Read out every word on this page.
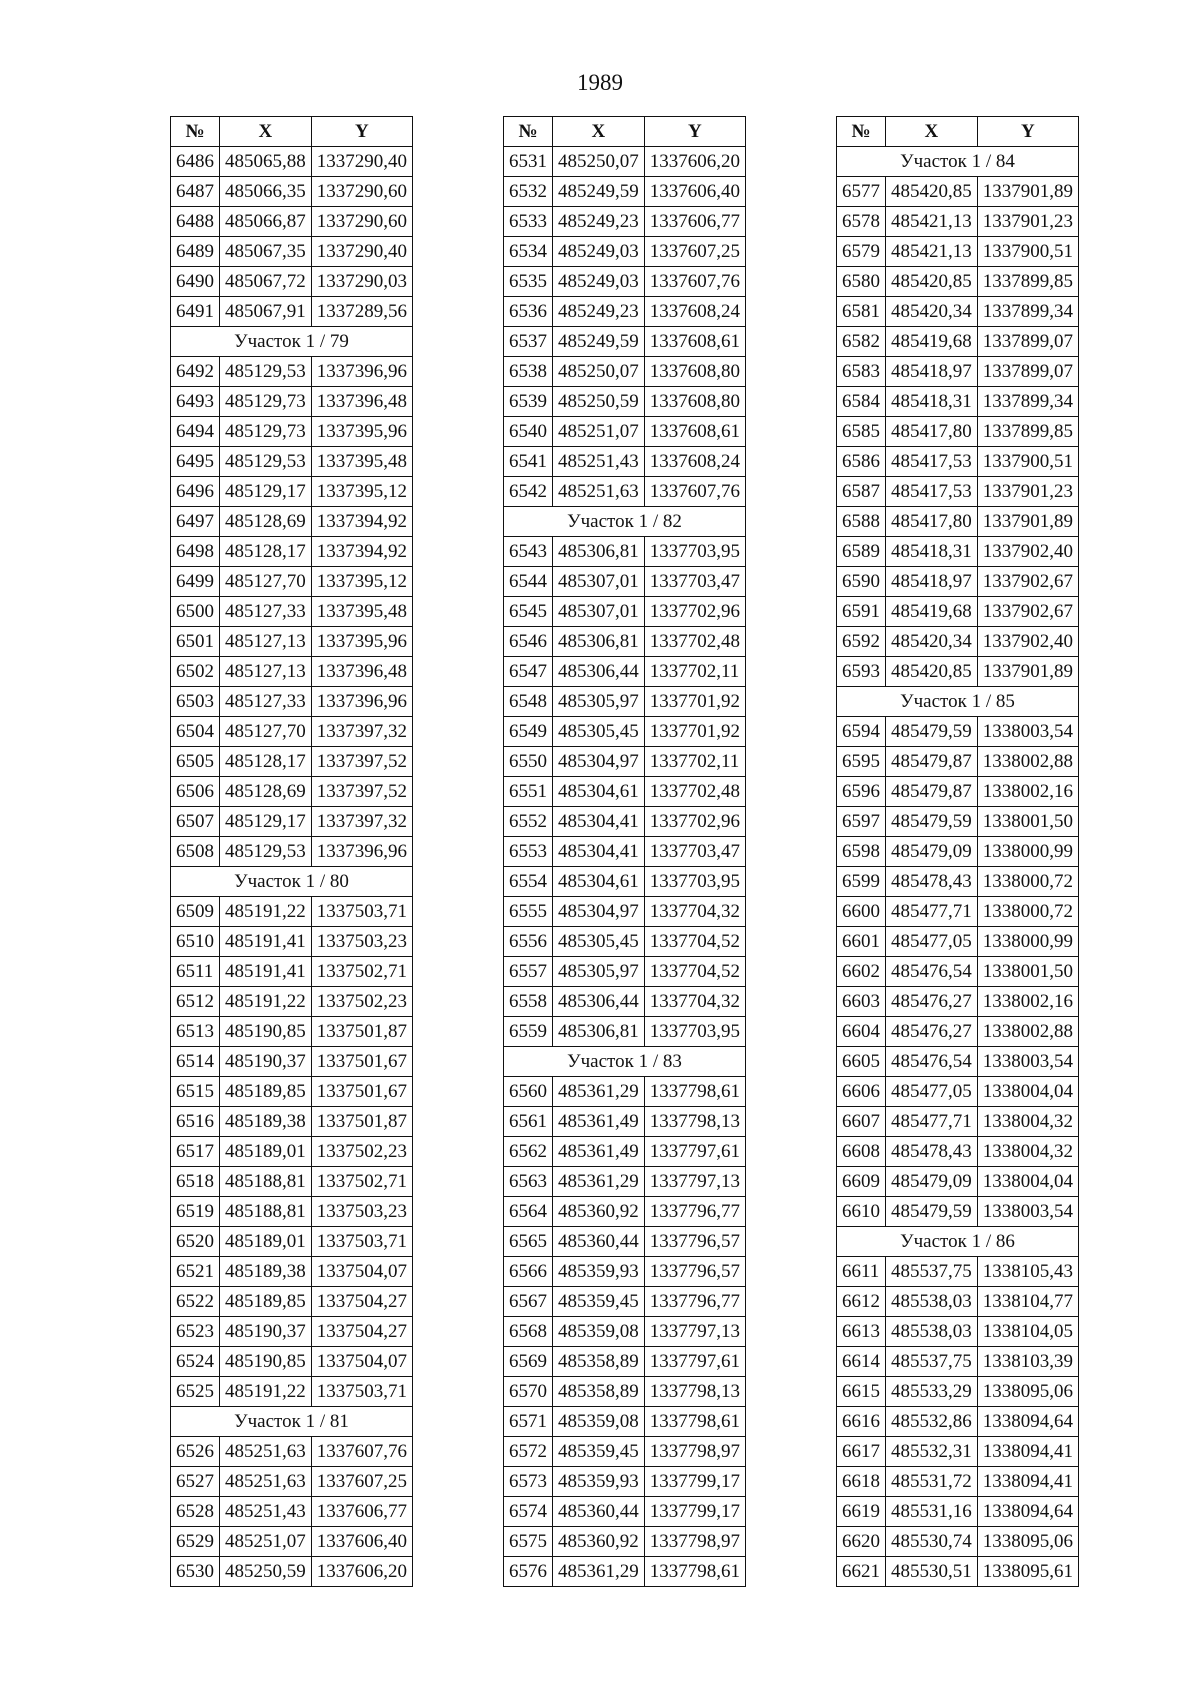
1989
№	X	Y
6486	485065,88	1337290,40
6487	485066,35	1337290,60
6488	485066,87	1337290,60
6489	485067,35	1337290,40
6490	485067,72	1337290,03
6491	485067,91	1337289,56
Участок 1 / 79		
6492	485129,53	1337396,96
6493	485129,73	1337396,48
6494	485129,73	1337395,96
6495	485129,53	1337395,48
6496	485129,17	1337395,12
6497	485128,69	1337394,92
6498	485128,17	1337394,92
6499	485127,70	1337395,12
6500	485127,33	1337395,48
6501	485127,13	1337395,96
6502	485127,13	1337396,48
6503	485127,33	1337396,96
6504	485127,70	1337397,32
6505	485128,17	1337397,52
6506	485128,69	1337397,52
6507	485129,17	1337397,32
6508	485129,53	1337396,96
Участок 1 / 80		
6509	485191,22	1337503,71
6510	485191,41	1337503,23
6511	485191,41	1337502,71
6512	485191,22	1337502,23
6513	485190,85	1337501,87
6514	485190,37	1337501,67
6515	485189,85	1337501,67
6516	485189,38	1337501,87
6517	485189,01	1337502,23
6518	485188,81	1337502,71
6519	485188,81	1337503,23
6520	485189,01	1337503,71
6521	485189,38	1337504,07
6522	485189,85	1337504,27
6523	485190,37	1337504,27
6524	485190,85	1337504,07
6525	485191,22	1337503,71
Участок 1 / 81		
6526	485251,63	1337607,76
6527	485251,63	1337607,25
6528	485251,43	1337606,77
6529	485251,07	1337606,40
6530	485250,59	1337606,20
№	X	Y
6531	485250,07	1337606,20
6532	485249,59	1337606,40
6533	485249,23	1337606,77
6534	485249,03	1337607,25
6535	485249,03	1337607,76
6536	485249,23	1337608,24
6537	485249,59	1337608,61
6538	485250,07	1337608,80
6539	485250,59	1337608,80
6540	485251,07	1337608,61
6541	485251,43	1337608,24
6542	485251,63	1337607,76
Участок 1 / 82		
6543	485306,81	1337703,95
6544	485307,01	1337703,47
6545	485307,01	1337702,96
6546	485306,81	1337702,48
6547	485306,44	1337702,11
6548	485305,97	1337701,92
6549	485305,45	1337701,92
6550	485304,97	1337702,11
6551	485304,61	1337702,48
6552	485304,41	1337702,96
6553	485304,41	1337703,47
6554	485304,61	1337703,95
6555	485304,97	1337704,32
6556	485305,45	1337704,52
6557	485305,97	1337704,52
6558	485306,44	1337704,32
6559	485306,81	1337703,95
Участок 1 / 83		
6560	485361,29	1337798,61
6561	485361,49	1337798,13
6562	485361,49	1337797,61
6563	485361,29	1337797,13
6564	485360,92	1337796,77
6565	485360,44	1337796,57
6566	485359,93	1337796,57
6567	485359,45	1337796,77
6568	485359,08	1337797,13
6569	485358,89	1337797,61
6570	485358,89	1337798,13
6571	485359,08	1337798,61
6572	485359,45	1337798,97
6573	485359,93	1337799,17
6574	485360,44	1337799,17
6575	485360,92	1337798,97
6576	485361,29	1337798,61
№	X	Y
Участок 1 / 84		
6577	485420,85	1337901,89
6578	485421,13	1337901,23
6579	485421,13	1337900,51
6580	485420,85	1337899,85
6581	485420,34	1337899,34
6582	485419,68	1337899,07
6583	485418,97	1337899,07
6584	485418,31	1337899,34
6585	485417,80	1337899,85
6586	485417,53	1337900,51
6587	485417,53	1337901,23
6588	485417,80	1337901,89
6589	485418,31	1337902,40
6590	485418,97	1337902,67
6591	485419,68	1337902,67
6592	485420,34	1337902,40
6593	485420,85	1337901,89
Участок 1 / 85		
6594	485479,59	1338003,54
6595	485479,87	1338002,88
6596	485479,87	1338002,16
6597	485479,59	1338001,50
6598	485479,09	1338000,99
6599	485478,43	1338000,72
6600	485477,71	1338000,72
6601	485477,05	1338000,99
6602	485476,54	1338001,50
6603	485476,27	1338002,16
6604	485476,27	1338002,88
6605	485476,54	1338003,54
6606	485477,05	1338004,04
6607	485477,71	1338004,32
6608	485478,43	1338004,32
6609	485479,09	1338004,04
6610	485479,59	1338003,54
Участок 1 / 86		
6611	485537,75	1338105,43
6612	485538,03	1338104,77
6613	485538,03	1338104,05
6614	485537,75	1338103,39
6615	485533,29	1338095,06
6616	485532,86	1338094,64
6617	485532,31	1338094,41
6618	485531,72	1338094,41
6619	485531,16	1338094,64
6620	485530,74	1338095,06
6621	485530,51	1338095,61
